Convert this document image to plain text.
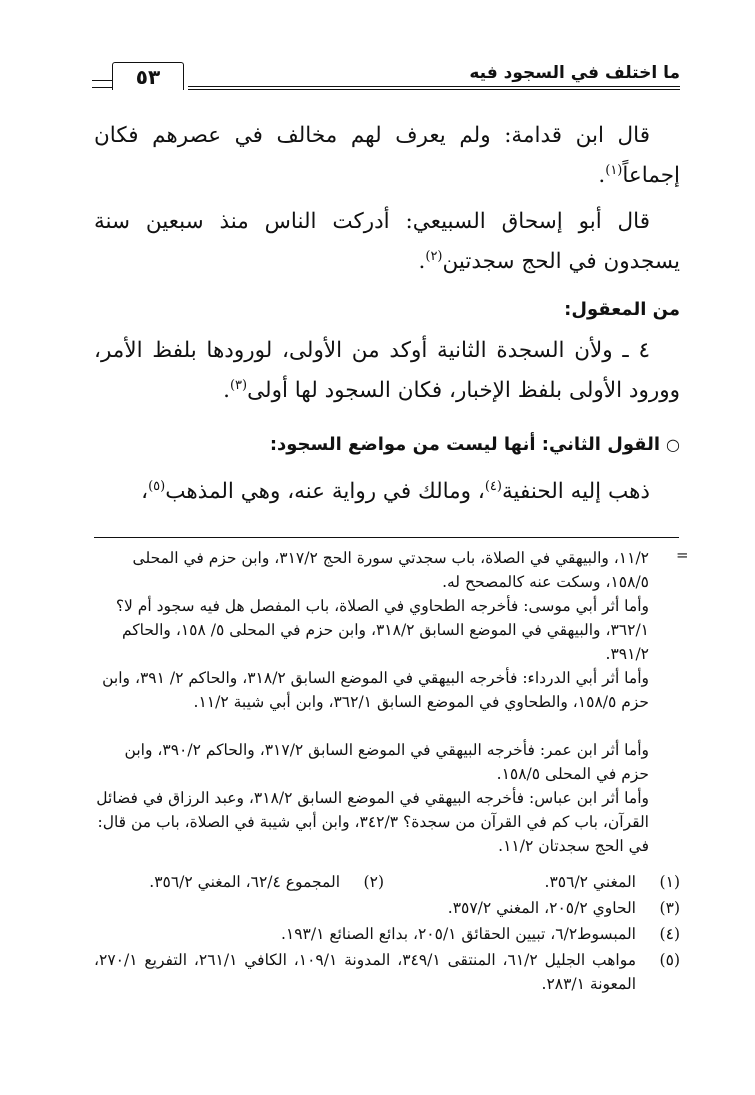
ما اختلف في السجود فيه
٥٣
قال ابن قدامة: ولم يعرف لهم مخالف في عصرهم فكان إجماعاً$^{(١)}$.
قال أبو إسحاق السبيعي: أدركت الناس منذ سبعين سنة يسجدون في الحج سجدتين$^{(٢)}$.
من المعقول:
٤ ـ ولأن السجدة الثانية أوكد من الأولى، لورودها بلفظ الأمر، وورود الأولى بلفظ الإخبار، فكان السجود لها أولى$^{(٣)}$.
○القول الثاني: أنها ليست من مواضع السجود:
ذهب إليه الحنفية$^{(٤)}$، ومالك في رواية عنه، وهي المذهب$^{(٥)}$،
=
١١/٢، والبيهقي في الصلاة، باب سجدتي سورة الحج ٣١٧/٢، وابن حزم في المحلى ١٥٨/٥، وسكت عنه كالمصحح له.
وأما أثر أبي موسى: فأخرجه الطحاوي في الصلاة، باب المفصل هل فيه سجود أم لا؟ ٣٦٢/١، والبيهقي في الموضع السابق ٣١٨/٢، وابن حزم في المحلى ٥/ ١٥٨، والحاكم ٣٩١/٢.
وأما أثر أبي الدرداء: فأخرجه البيهقي في الموضع السابق ٣١٨/٢، والحاكم ٢/ ٣٩١، وابن حزم ١٥٨/٥، والطحاوي في الموضع السابق ٣٦٢/١، وابن أبي شيبة ١١/٢.
وأما أثر ابن عمر: فأخرجه البيهقي في الموضع السابق ٣١٧/٢، والحاكم ٣٩٠/٢، وابن حزم في المحلى ١٥٨/٥.
وأما أثر ابن عباس: فأخرجه البيهقي في الموضع السابق ٣١٨/٢، وعبد الرزاق في فضائل القرآن، باب كم في القرآن من سجدة؟ ٣٤٢/٣، وابن أبي شيبة في الصلاة، باب من قال: في الحج سجدتان ١١/٢.
(١)
المغني ٣٥٦/٢.
(٢)
المجموع ٦٢/٤، المغني ٣٥٦/٢.
(٣)
الحاوي ٢٠٥/٢، المغني ٣٥٧/٢.
(٤)
المبسوط٦/٢، تبيين الحقائق ٢٠٥/١، بدائع الصنائع ١٩٣/١.
(٥)
مواهب الجليل ٦١/٢، المنتقى ٣٤٩/١، المدونة ١٠٩/١، الكافي ٢٦١/١، التفريع ٢٧٠/١، المعونة ٢٨٣/١.
